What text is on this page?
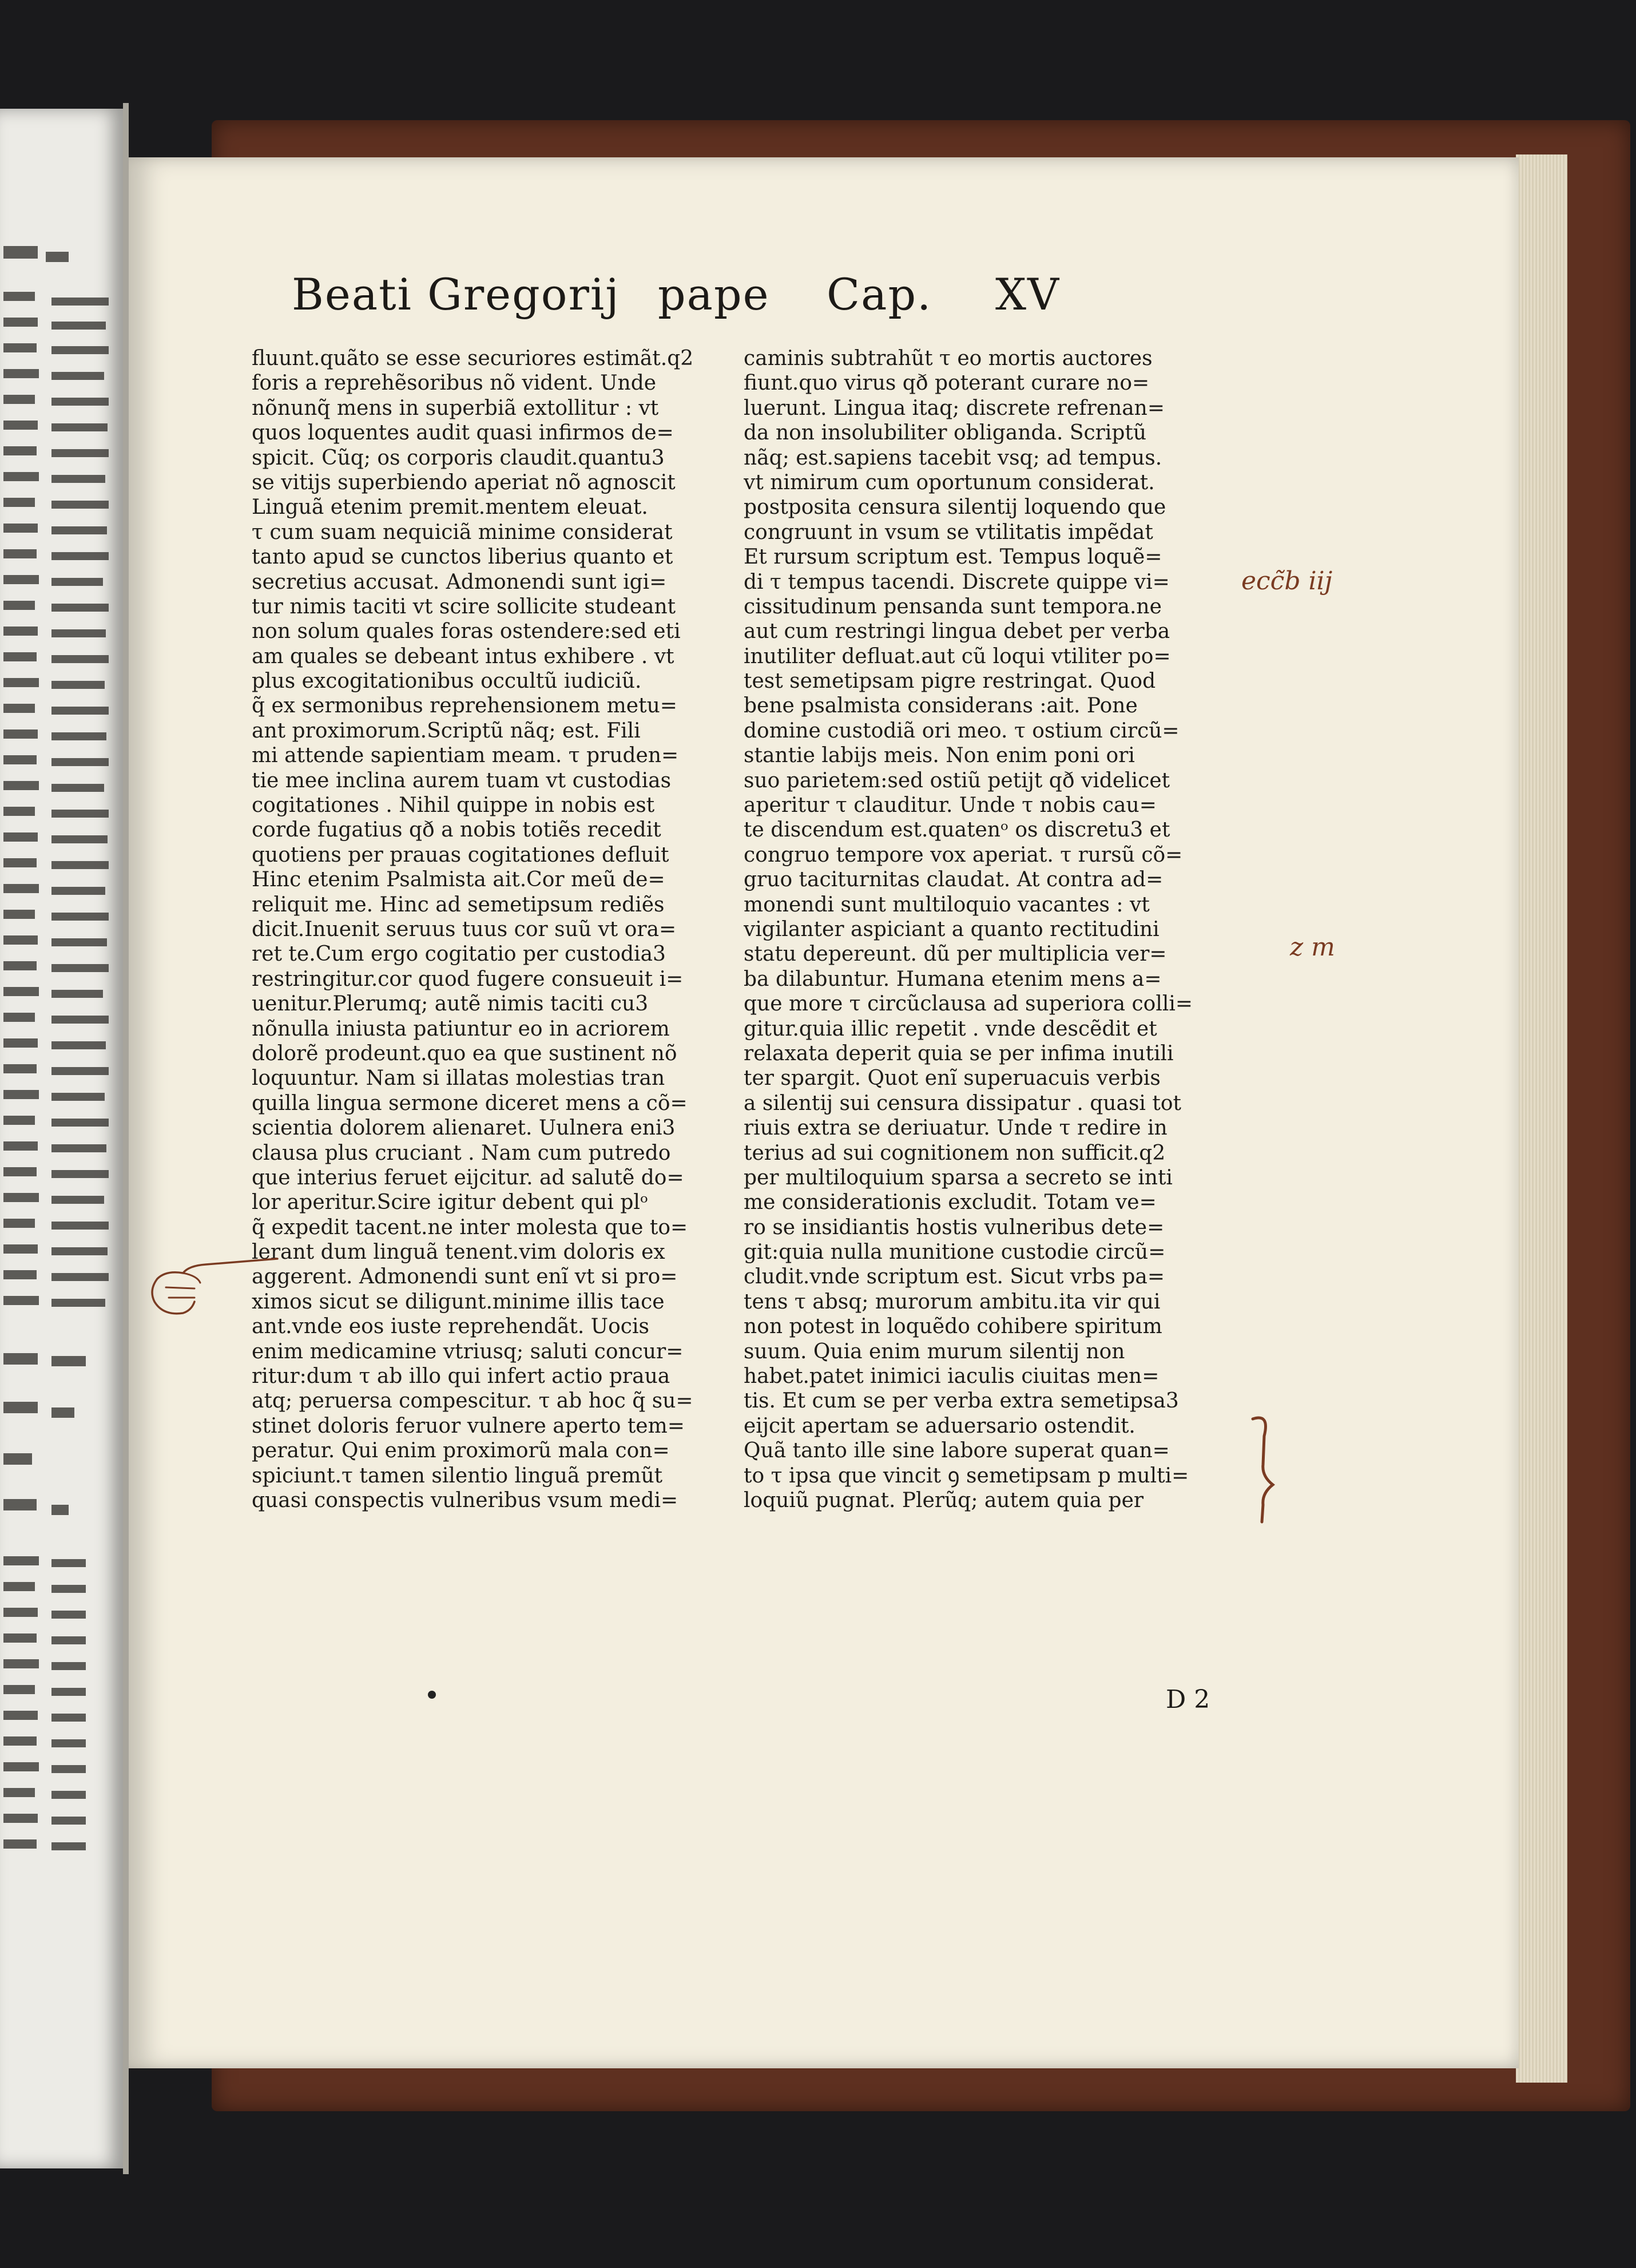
Beati Gregorij pape Cap. XV
fluunt.quãto se esse securiores estimãt.q2
foris a reprehẽsoribus nõ vident. Unde
nõnunq̃ mens in superbiã extollitur : vt
quos loquentes audit quasi infirmos de=
spicit. Cũq; os corporis claudit.quantu3
se vitijs superbiendo aperiat nõ agnoscit
Linguã etenim premit.mentem eleuat.
τ cum suam nequiciã minime considerat
tanto apud se cunctos liberius quanto et
secretius accusat. Admonendi sunt igi=
tur nimis taciti vt scire sollicite studeant
non solum quales foras ostendere:sed eti
am quales se debeant intus exhibere . vt
plus excogitationibus occultũ iudiciũ.
q̃ ex sermonibus reprehensionem metu=
ant proximorum.Scriptũ nãq; est. Fili
mi attende sapientiam meam. τ pruden=
tie mee inclina aurem tuam vt custodias
cogitationes . Nihil quippe in nobis est
corde fugatius qð a nobis totiẽs recedit
quotiens per prauas cogitationes defluit
Hinc etenim Psalmista ait.Cor meũ de=
reliquit me. Hinc ad semetipsum rediẽs
dicit.Inuenit seruus tuus cor suũ vt ora=
ret te.Cum ergo cogitatio per custodia3
restringitur.cor quod fugere consueuit i=
uenitur.Plerumq; autẽ nimis taciti cu3
nõnulla iniusta patiuntur eo in acriorem
dolorẽ prodeunt.quo ea que sustinent nõ
loquuntur. Nam si illatas molestias tran
quilla lingua sermone diceret mens a cõ=
scientia dolorem alienaret. Uulnera eni3
clausa plus cruciant . Nam cum putredo
que interius feruet eijcitur. ad salutẽ do=
lor aperitur.Scire igitur debent qui plᵒ
q̃ expedit tacent.ne inter molesta que to=
lerant dum linguã tenent.vim doloris ex
aggerent. Admonendi sunt enĩ vt si pro=
ximos sicut se diligunt.minime illis tace
ant.vnde eos iuste reprehendãt. Uocis
enim medicamine vtriusq; saluti concur=
ritur:dum τ ab illo qui infert actio praua
atq; peruersa compescitur. τ ab hoc q̃ su=
stinet doloris feruor vulnere aperto tem=
peratur. Qui enim proximorũ mala con=
spiciunt.τ tamen silentio linguã premũt
quasi conspectis vulneribus vsum medi=
caminis subtrahũt τ eo mortis auctores
fiunt.quo virus qð poterant curare no=
luerunt. Lingua itaq; discrete refrenan=
da non insolubiliter obliganda. Scriptũ
nãq; est.sapiens tacebit vsq; ad tempus.
vt nimirum cum oportunum considerat.
postposita censura silentij loquendo que
congruunt in vsum se vtilitatis impẽdat
Et rursum scriptum est. Tempus loquẽ=
di τ tempus tacendi. Discrete quippe vi=
cissitudinum pensanda sunt tempora.ne
aut cum restringi lingua debet per verba
inutiliter defluat.aut cũ loqui vtiliter po=
test semetipsam pigre restringat. Quod
bene psalmista considerans :ait. Pone
domine custodiã ori meo. τ ostium circũ=
stantie labijs meis. Non enim poni ori
suo parietem:sed ostiũ petijt qð videlicet
aperitur τ clauditur. Unde τ nobis cau=
te discendum est.quatenᵒ os discretu3 et
congruo tempore vox aperiat. τ rursũ cõ=
gruo taciturnitas claudat. At contra ad=
monendi sunt multiloquio vacantes : vt
vigilanter aspiciant a quanto rectitudini
statu depereunt. dũ per multiplicia ver=
ba dilabuntur. Humana etenim mens a=
que more τ circũclausa ad superiora colli=
gitur.quia illic repetit . vnde descẽdit et
relaxata deperit quia se per infima inutili
ter spargit. Quot enĩ superuacuis verbis
a silentij sui censura dissipatur . quasi tot
riuis extra se deriuatur. Unde τ redire in
terius ad sui cognitionem non sufficit.q2
per multiloquium sparsa a secreto se inti
me considerationis excludit. Totam ve=
ro se insidiantis hostis vulneribus dete=
git:quia nulla munitione custodie circũ=
cludit.vnde scriptum est. Sicut vrbs pa=
tens τ absq; murorum ambitu.ita vir qui
non potest in loquẽdo cohibere spiritum
suum. Quia enim murum silentij non
habet.patet inimici iaculis ciuitas men=
tis. Et cum se per verba extra semetipsa3
eijcit apertam se aduersario ostendit.
Quã tanto ille sine labore superat quan=
to τ ipsa que vincit ꝯ semetipsam p multi=
loquiũ pugnat. Plerũq; autem quia per
D 2
ecc̃b iij
z m
